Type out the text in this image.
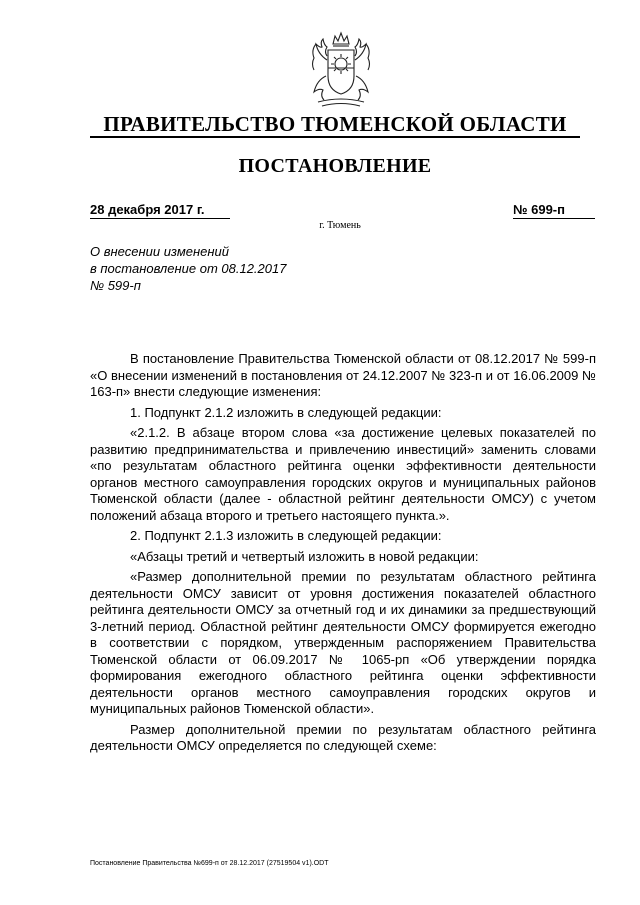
ПРАВИТЕЛЬСТВО ТЮМЕНСКОЙ ОБЛАСТИ
ПОСТАНОВЛЕНИЕ
28 декабря 2017 г.	№ 699-п
г. Тюмень
О внесении изменений
в постановление от 08.12.2017
№ 599-п

В постановление Правительства Тюменской области от 08.12.2017 № 599-п «О внесении изменений в постановления от 24.12.2007 № 323-п и от 16.06.2009 № 163-п» внести следующие изменения:

1. Подпункт 2.1.2 изложить в следующей редакции:

«2.1.2. В абзаце втором слова «за достижение целевых показателей по развитию предпринимательства и привлечению инвестиций» заменить словами «по результатам областного рейтинга оценки эффективности деятельности органов местного самоуправления городских округов и муниципальных районов Тюменской области (далее - областной рейтинг деятельности ОМСУ) с учетом положений абзаца второго и третьего настоящего пункта.».

2. Подпункт 2.1.3 изложить в следующей редакции:

«Абзацы третий и четвертый изложить в новой редакции:

«Размер дополнительной премии по результатам областного рейтинга деятельности ОМСУ зависит от уровня достижения показателей областного рейтинга деятельности ОМСУ за отчетный год и их динамики за предшествующий 3-летний период. Областной рейтинг деятельности ОМСУ формируется ежегодно в соответствии с порядком, утвержденным распоряжением Правительства Тюменской области от 06.09.2017 № 1065-рп «Об утверждении порядка формирования ежегодного областного рейтинга оценки эффективности деятельности органов местного самоуправления городских округов и муниципальных районов Тюменской области».

Размер дополнительной премии по результатам областного рейтинга деятельности ОМСУ определяется по следующей схеме:

Постановление Правительства №699-п от 28.12.2017 (27519504 v1).ODT
